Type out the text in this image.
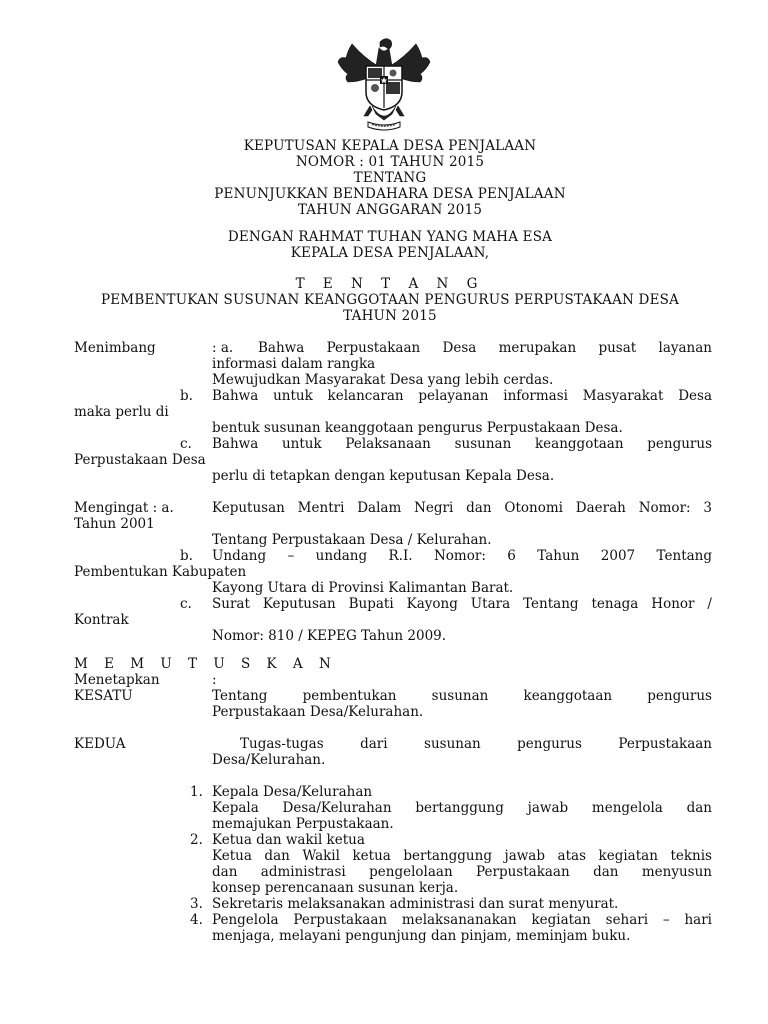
KEPUTUSAN KEPALA DESA PENJALAAN
NOMOR : 01 TAHUN 2015
TENTANG
PENUNJUKKAN BENDAHARA DESA PENJALAAN
TAHUN ANGGARAN 2015
DENGAN RAHMAT TUHAN YANG MAHA ESA
KEPALA DESA PENJALAAN,
T E N T A N G
PEMBENTUKAN SUSUNAN KEANGGOTAAN PENGURUS PERPUSTAKAAN DESA
TAHUN 2015
Menimbang	: a. Bahwa Perpustakaan Desa merupakan pusat layanan
informasi dalam rangka
Mewujudkan Masyarakat Desa yang lebih cerdas.
b. Bahwa untuk kelancaran pelayanan informasi Masyarakat Desa
maka perlu di
bentuk susunan keanggotaan pengurus Perpustakaan Desa.
c. Bahwa untuk Pelaksanaan susunan keanggotaan pengurus
Perpustakaan Desa
perlu di tetapkan dengan keputusan Kepala Desa.
Mengingat : a.	Keputusan Mentri Dalam Negri dan Otonomi Daerah Nomor: 3
Tahun 2001
Tentang Perpustakaan Desa / Kelurahan.
b. Undang – undang R.I. Nomor: 6 Tahun 2007 Tentang
Pembentukan Kabupaten
Kayong Utara di Provinsi Kalimantan Barat.
c. Surat Keputusan Bupati Kayong Utara Tentang tenaga Honor /
Kontrak
Nomor: 810 / KEPEG Tahun 2009.
M E M U T U S K A N
Menetapkan	:
KESATU	Tentang pembentukan susunan keanggotaan pengurus
Perpustakaan Desa/Kelurahan.
KEDUA	Tugas-tugas dari susunan pengurus Perpustakaan
Desa/Kelurahan.
1. Kepala Desa/Kelurahan
Kepala Desa/Kelurahan bertanggung jawab mengelola dan
memajukan Perpustakaan.
2. Ketua dan wakil ketua
Ketua dan Wakil ketua bertanggung jawab atas kegiatan teknis
dan administrasi pengelolaan Perpustakaan dan menyusun
konsep perencanaan susunan kerja.
3. Sekretaris melaksanakan administrasi dan surat menyurat.
4. Pengelola Perpustakaan melaksananakan kegiatan sehari – hari
menjaga, melayani pengunjung dan pinjam, meminjam buku.
